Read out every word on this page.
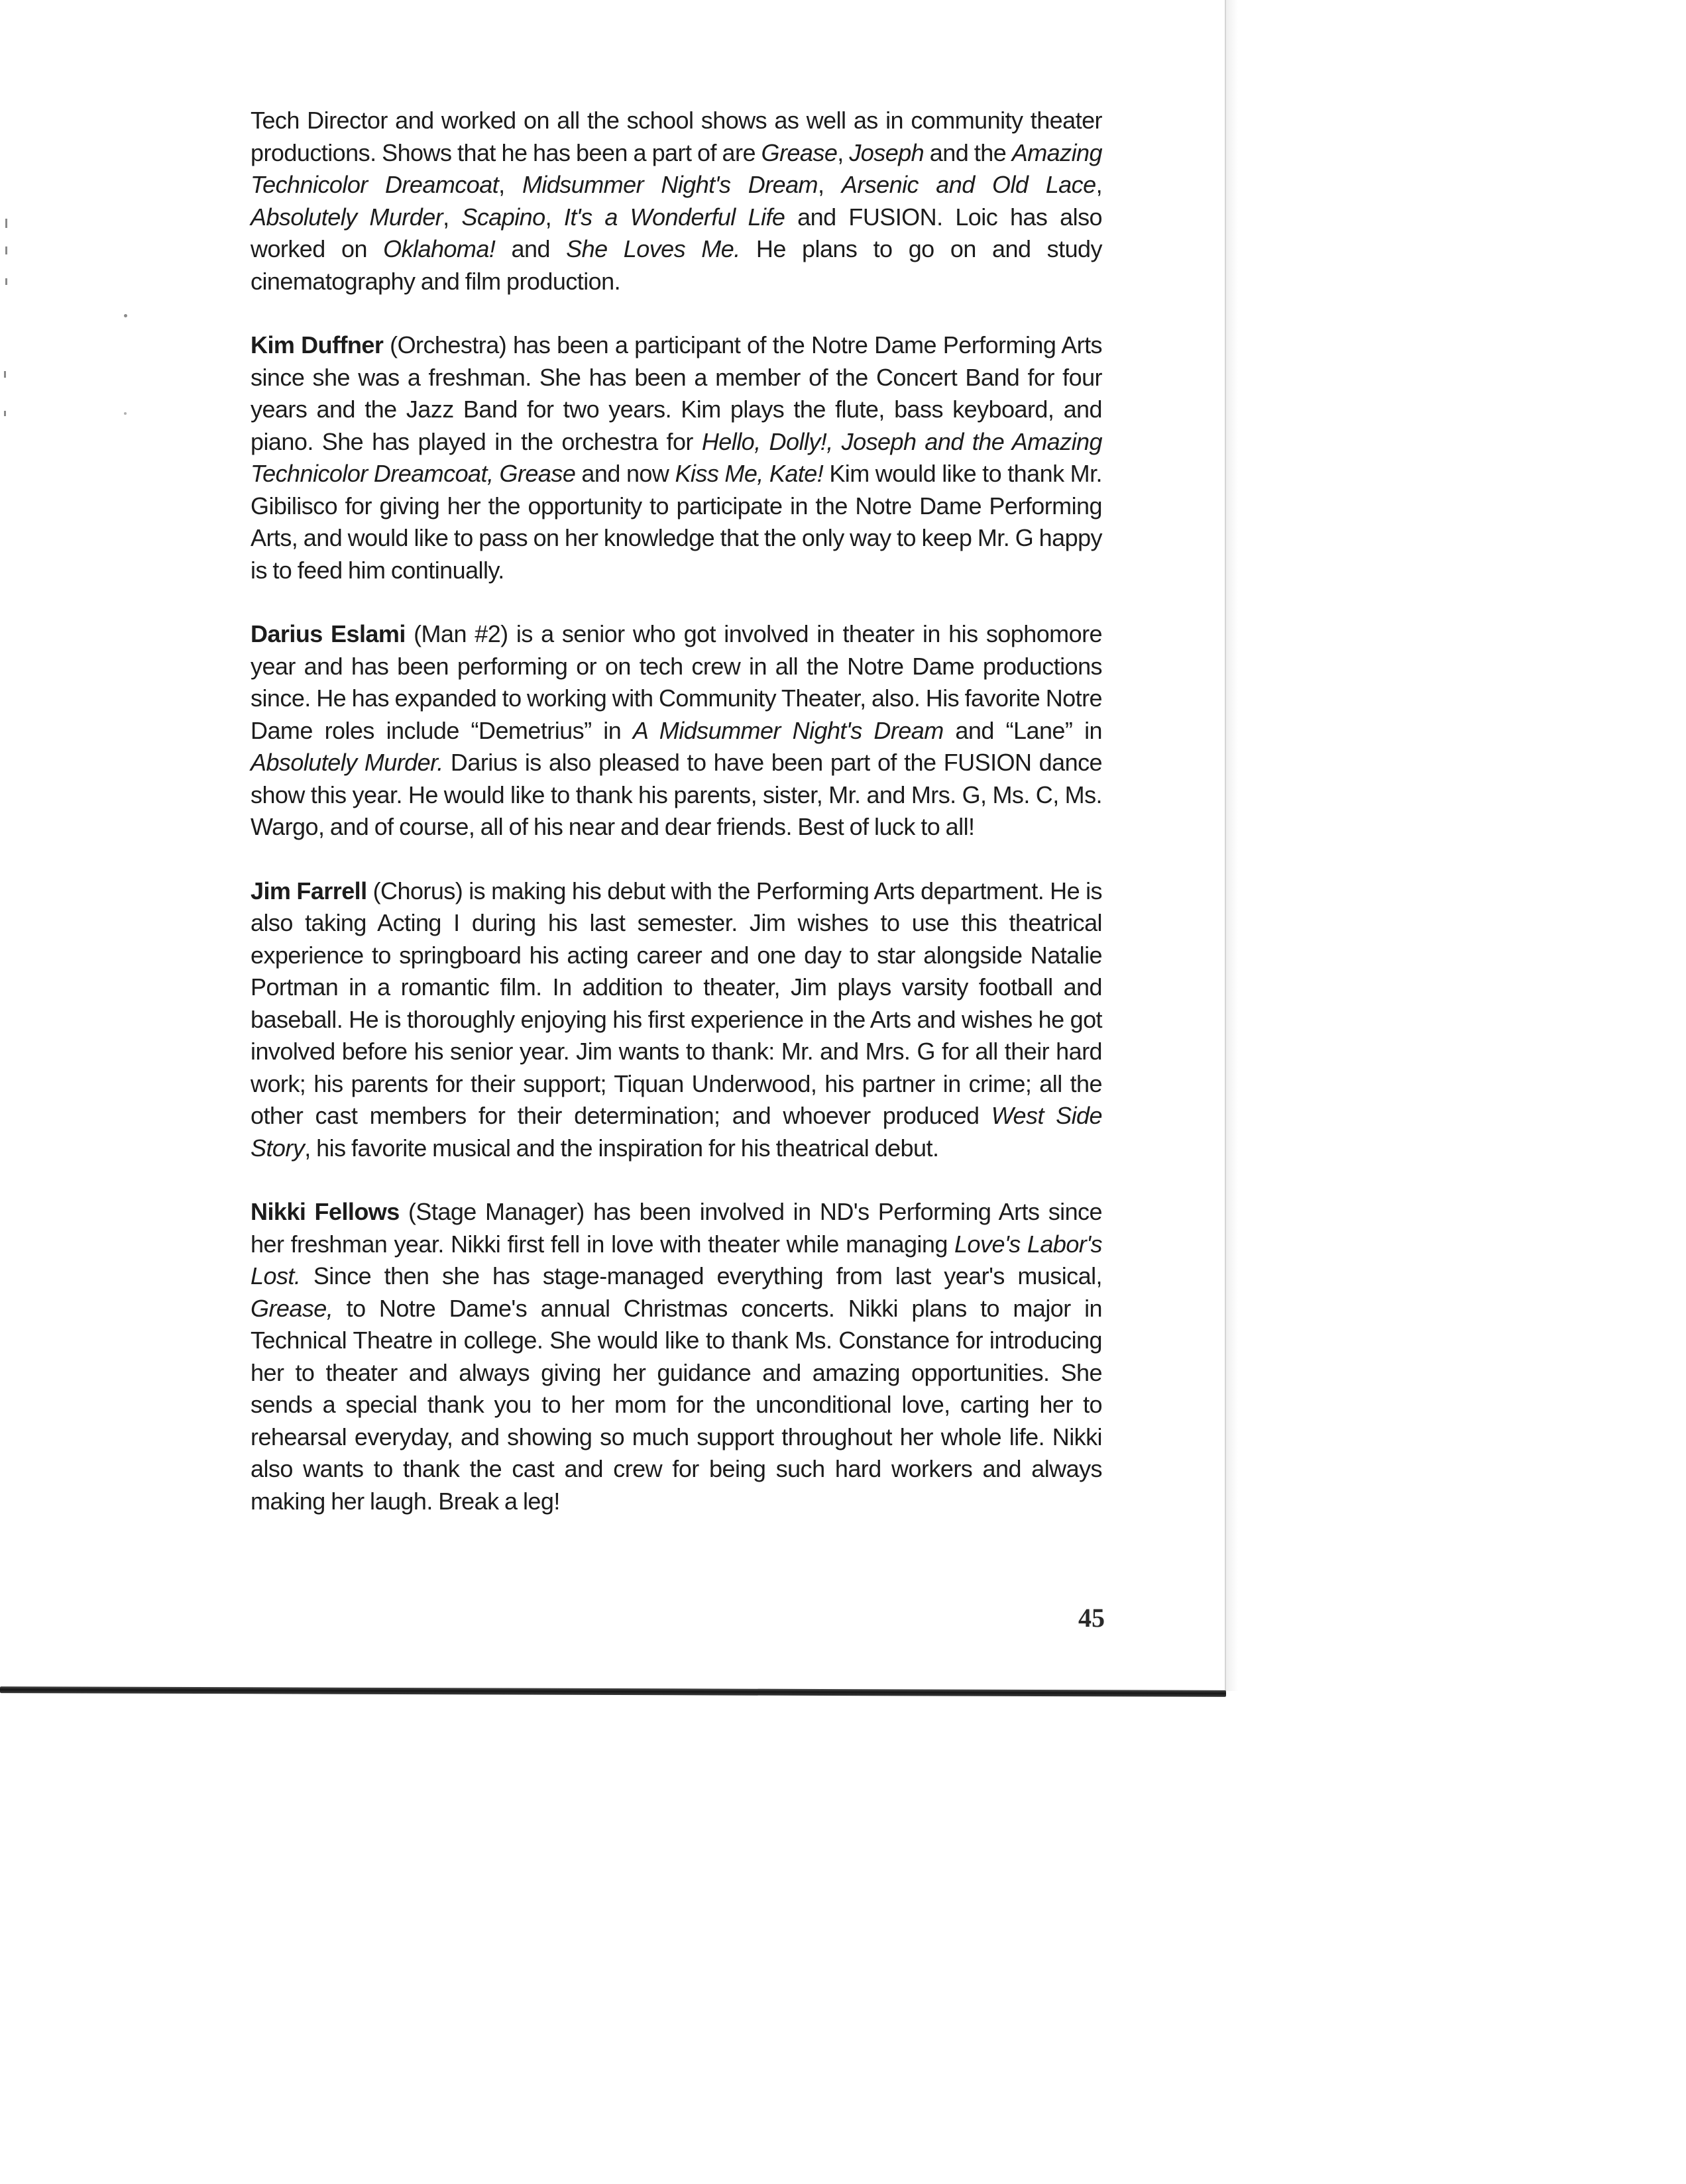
Tech Director and worked on all the school shows as well as in community theater productions. Shows that he has been a part of are Grease, Joseph and the Amazing Technicolor Dreamcoat, Midsummer Night's Dream, Arsenic and Old Lace, Absolutely Murder, Scapino, It's a Wonderful Life and FUSION. Loic has also worked on Oklahoma! and She Loves Me. He plans to go on and study cinematography and film production.

Kim Duffner (Orchestra) has been a participant of the Notre Dame Performing Arts since she was a freshman. She has been a member of the Concert Band for four years and the Jazz Band for two years. Kim plays the flute, bass keyboard, and piano. She has played in the orchestra for Hello, Dolly!, Joseph and the Amazing Technicolor Dreamcoat, Grease and now Kiss Me, Kate! Kim would like to thank Mr. Gibilisco for giving her the opportunity to participate in the Notre Dame Performing Arts, and would like to pass on her knowledge that the only way to keep Mr. G happy is to feed him continually.

Darius Eslami (Man #2) is a senior who got involved in theater in his sophomore year and has been performing or on tech crew in all the Notre Dame productions since. He has expanded to working with Community Theater, also. His favorite Notre Dame roles include “Demetrius” in A Midsummer Night's Dream and “Lane” in Absolutely Murder. Darius is also pleased to have been part of the FUSION dance show this year. He would like to thank his parents, sister, Mr. and Mrs. G, Ms. C, Ms. Wargo, and of course, all of his near and dear friends. Best of luck to all!

Jim Farrell (Chorus) is making his debut with the Performing Arts department. He is also taking Acting I during his last semester. Jim wishes to use this theatrical experience to springboard his acting career and one day to star alongside Natalie Portman in a romantic film. In addition to theater, Jim plays varsity football and baseball. He is thoroughly enjoying his first experience in the Arts and wishes he got involved before his senior year. Jim wants to thank: Mr. and Mrs. G for all their hard work; his parents for their support; Tiquan Underwood, his partner in crime; all the other cast members for their determination; and whoever produced West Side Story, his favorite musical and the inspiration for his theatrical debut.

Nikki Fellows (Stage Manager) has been involved in ND's Performing Arts since her freshman year. Nikki first fell in love with theater while managing Love's Labor's Lost. Since then she has stage-managed everything from last year's musical, Grease, to Notre Dame's annual Christmas concerts. Nikki plans to major in Technical Theatre in college. She would like to thank Ms. Constance for introducing her to theater and always giving her guidance and amazing opportunities. She sends a special thank you to her mom for the unconditional love, carting her to rehearsal everyday, and showing so much support throughout her whole life. Nikki also wants to thank the cast and crew for being such hard workers and always making her laugh. Break a leg!

45
